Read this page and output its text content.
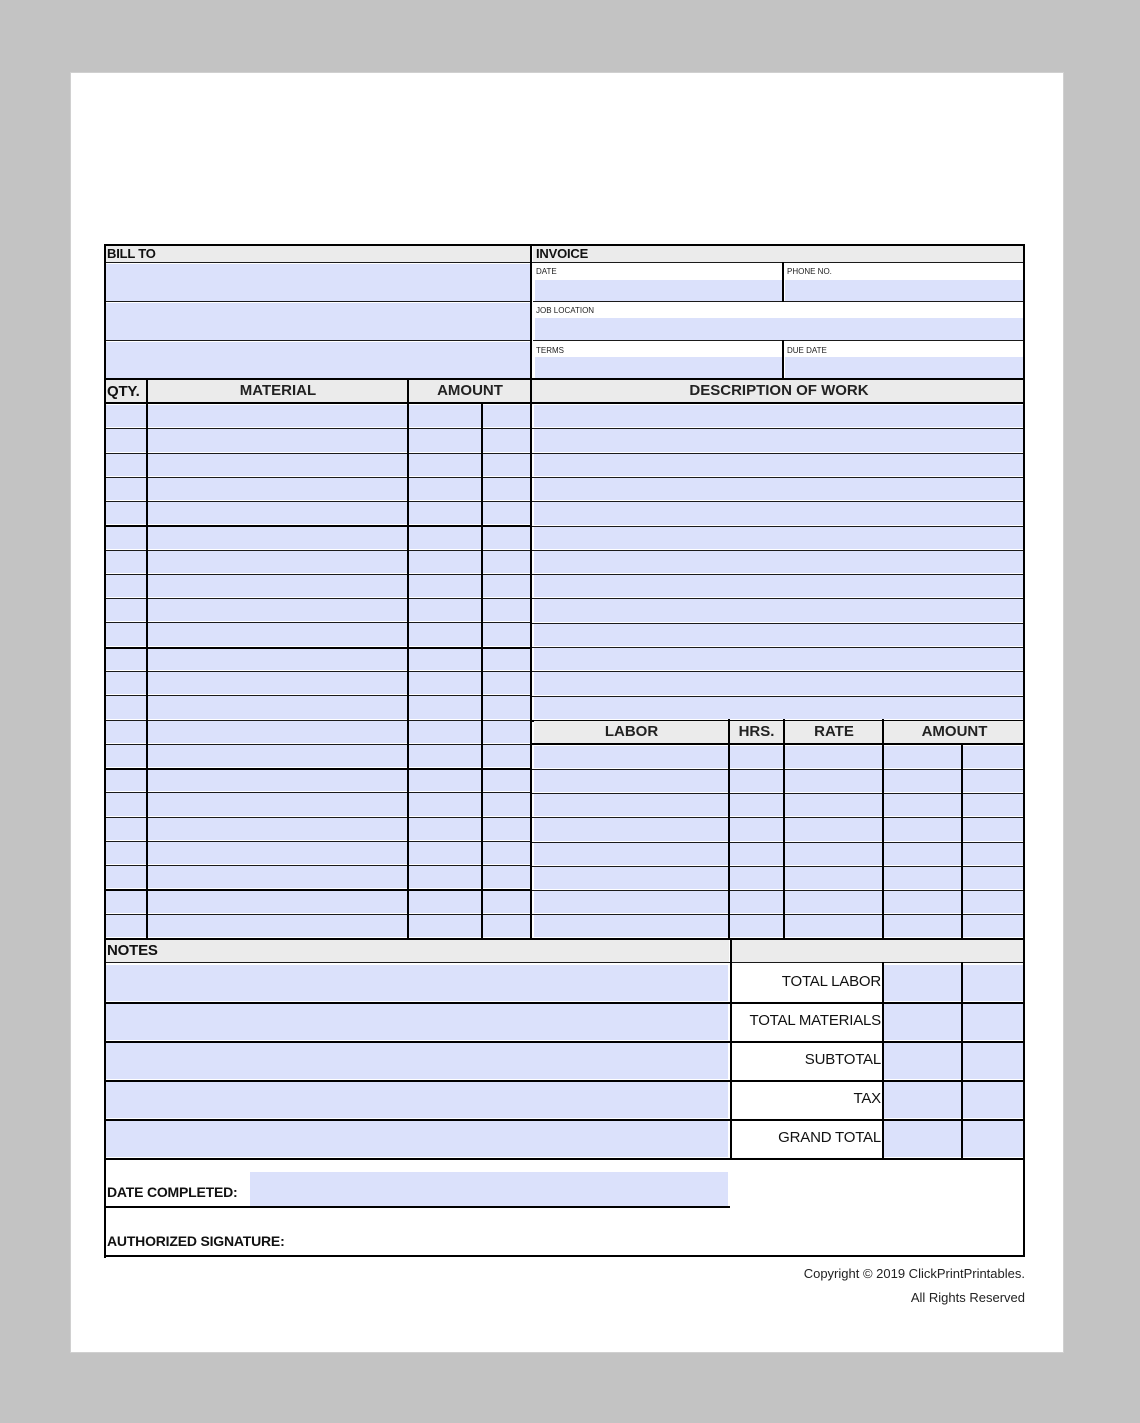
BILL TO	INVOICE
DATE	PHONE NO.
JOB LOCATION
TERMS	DUE DATE
QTY.	MATERIAL	AMOUNT	DESCRIPTION OF WORK
LABOR	HRS.	RATE	AMOUNT
NOTES
TOTAL LABOR
TOTAL MATERIALS
SUBTOTAL
TAX
GRAND TOTAL
DATE COMPLETED:
AUTHORIZED SIGNATURE:
Copyright © 2019 ClickPrintPrintables.
All Rights Reserved
